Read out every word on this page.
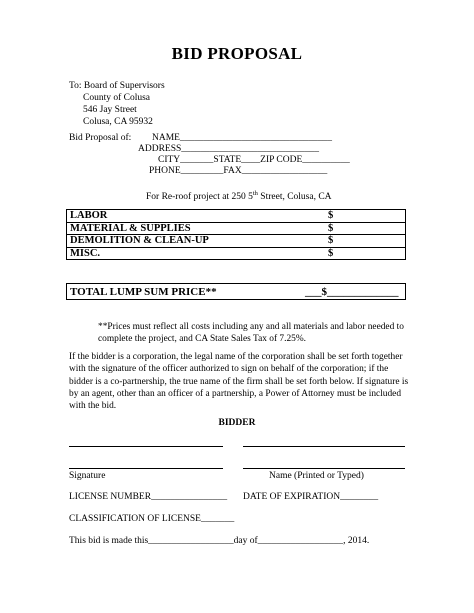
BID PROPOSAL
To: Board of Supervisors
County of Colusa
546 Jay Street
Colusa, CA 95932
Bid Proposal of: NAME________________________________
ADDRESS_____________________________
CITY_______STATE____ZIP CODE__________
PHONE_________FAX__________________
For Re-roof project at 250 5th Street, Colusa, CA
LABOR	$
MATERIAL & SUPPLIES	$
DEMOLITION & CLEAN-UP	$
MISC.	$
TOTAL LUMP SUM PRICE**	___$_____________
**Prices must reflect all costs including any and all materials and labor needed to complete the project, and CA State Sales Tax of 7.25%.
If the bidder is a corporation, the legal name of the corporation shall be set forth together with the signature of the officer authorized to sign on behalf of the corporation; if the bidder is a co-partnership, the true name of the firm shall be set forth below. If signature is by an agent, other than an officer of a partnership, a Power of Attorney must be included with the bid.
BIDDER
Signature	Name (Printed or Typed)
LICENSE NUMBER________________ DATE OF EXPIRATION________
CLASSIFICATION OF LICENSE_______
This bid is made this__________________day of__________________, 2014.
